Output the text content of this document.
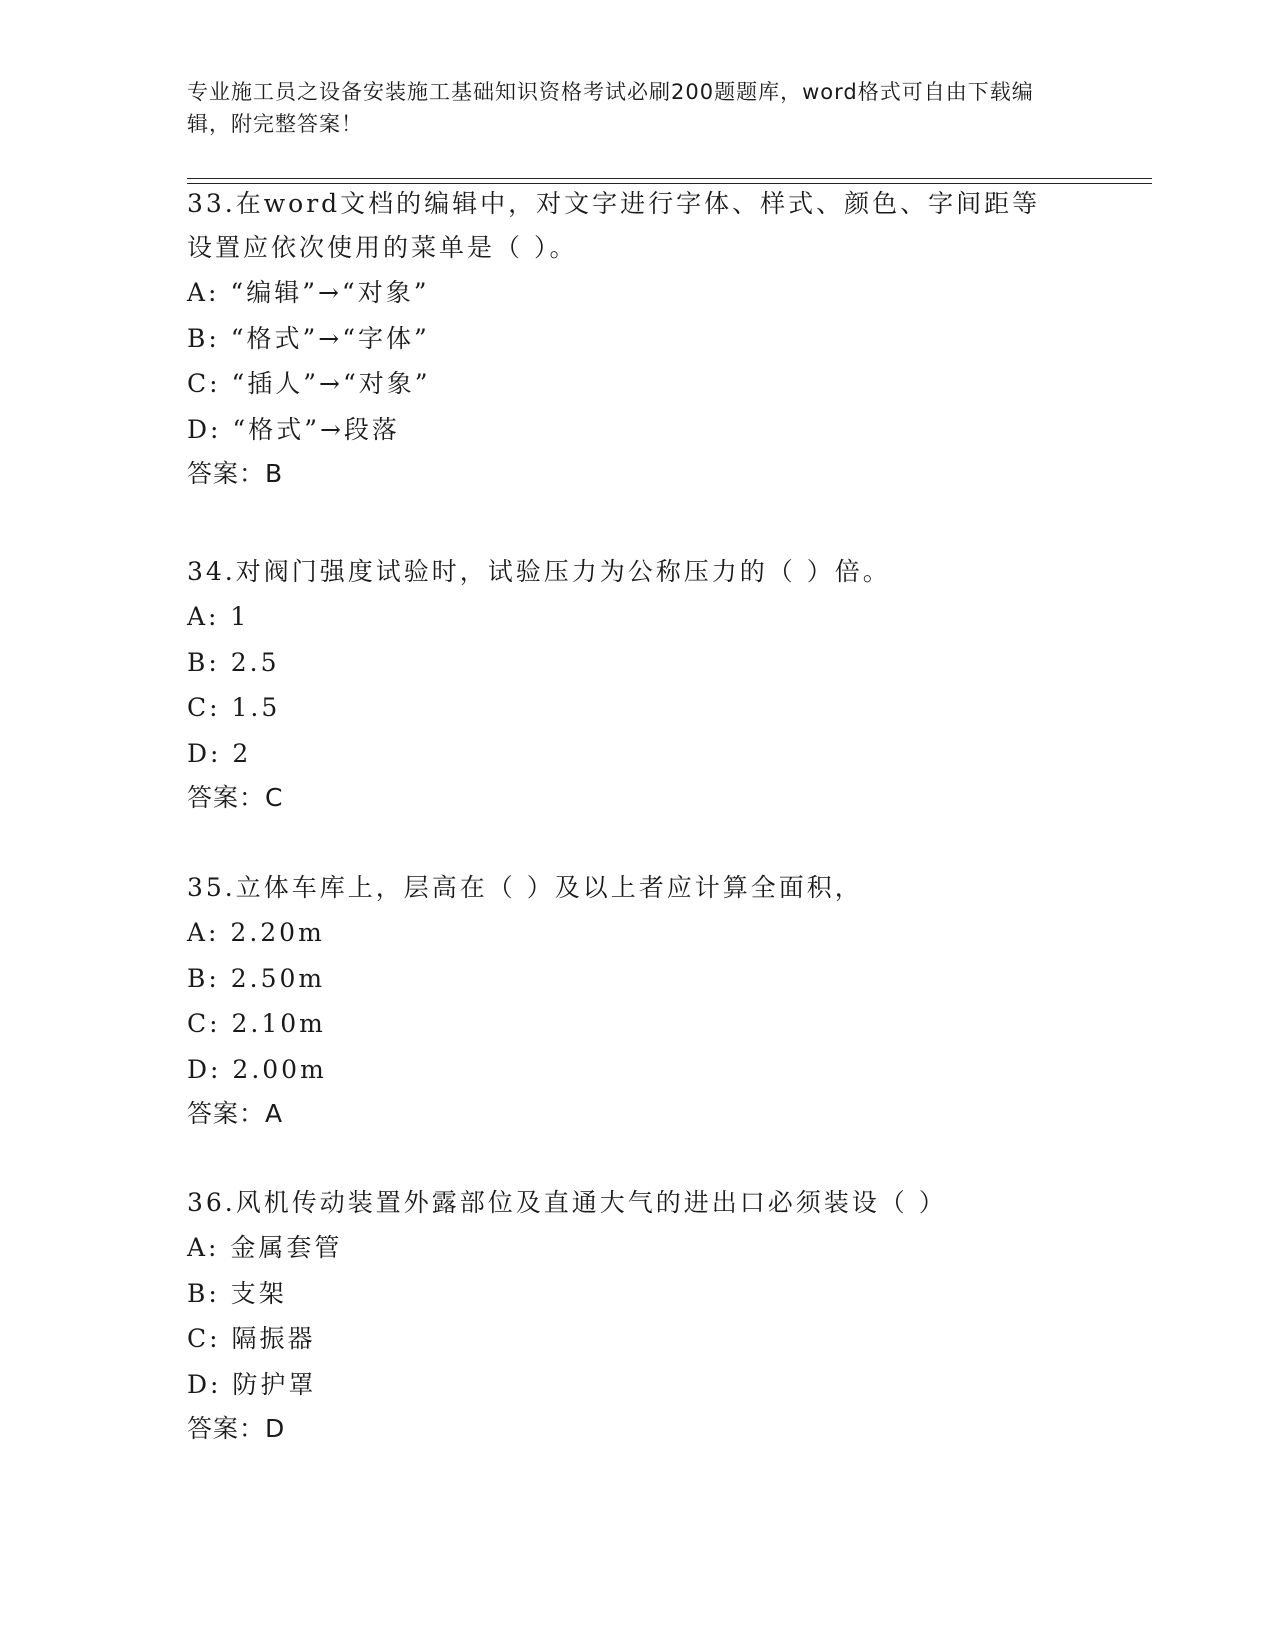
专业施工员之设备安装施工基础知识资格考试必刷200题题库，word格式可自由下载编辑，附完整答案！
33.在word文档的编辑中，对文字进行字体、样式、颜色、字间距等设置应依次使用的菜单是（ ）。
A: “编辑”→“对象”
B: “格式”→“字体”
C: “插人”→“对象”
D: “格式”→段落
答案：B
34.对阀门强度试验时，试验压力为公称压力的（ ）倍。
A: 1
B: 2.5
C: 1.5
D: 2
答案：C
35.立体车库上，层高在（ ）及以上者应计算全面积，
A: 2.20m
B: 2.50m
C: 2.10m
D: 2.00m
答案：A
36.风机传动装置外露部位及直通大气的进出口必须装设（ ）
A: 金属套管
B: 支架
C: 隔振器
D: 防护罩
答案：D
